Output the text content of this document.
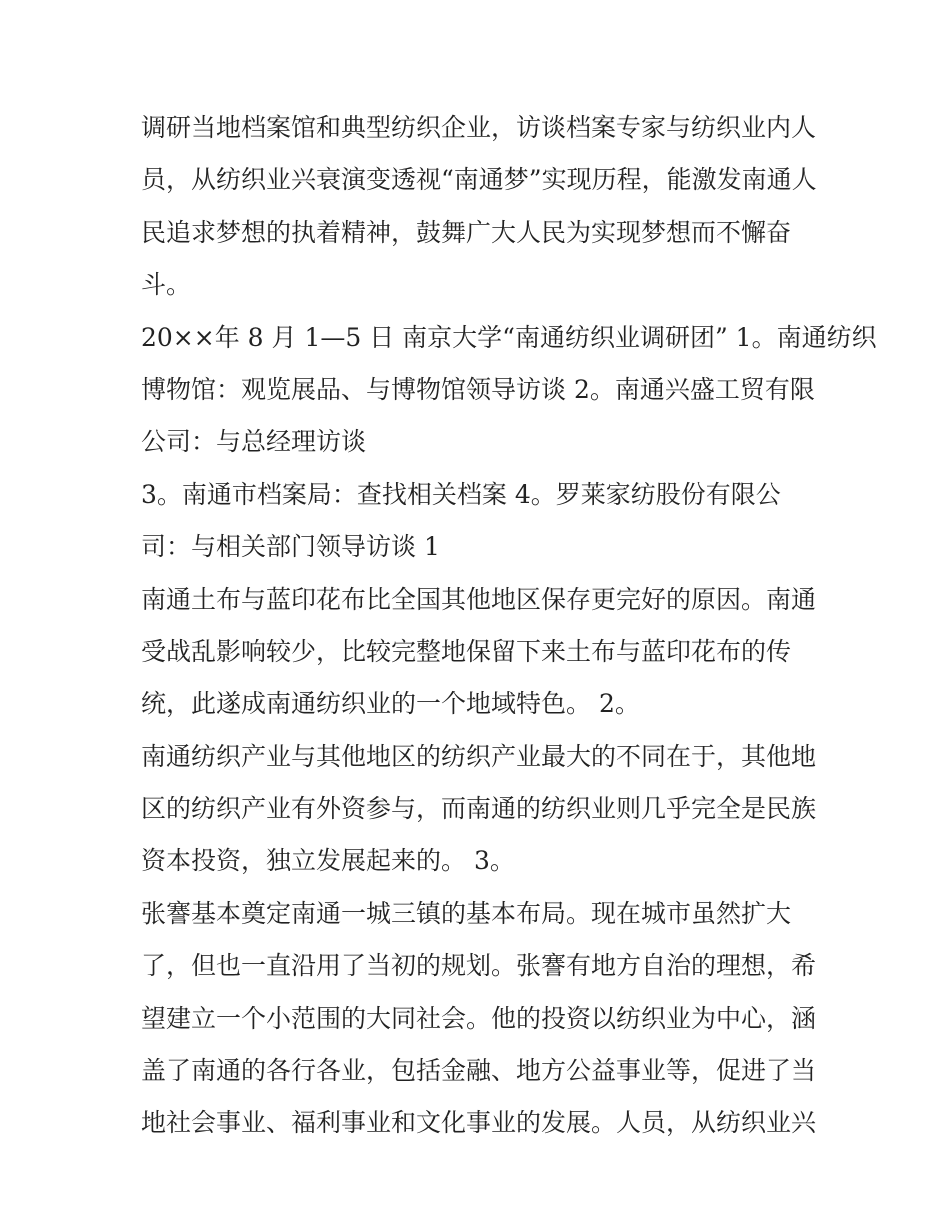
调研当地档案馆和典型纺织企业，访谈档案专家与纺织业内人
员，从纺织业兴衰演变透视“南通梦”实现历程，能激发南通人
民追求梦想的执着精神，鼓舞广大人民为实现梦想而不懈奋
斗。
20××年 8 月 1—5 日 南京大学“南通纺织业调研团” 1。南通纺织
博物馆：观览展品、与博物馆领导访谈 2。南通兴盛工贸有限
公司：与总经理访谈
3。南通市档案局：查找相关档案 4。罗莱家纺股份有限公
司：与相关部门领导访谈 1
南通土布与蓝印花布比全国其他地区保存更完好的原因。南通
受战乱影响较少，比较完整地保留下来土布与蓝印花布的传
统，此遂成南通纺织业的一个地域特色。 2。
南通纺织产业与其他地区的纺织产业最大的不同在于，其他地
区的纺织产业有外资参与，而南通的纺织业则几乎完全是民族
资本投资，独立发展起来的。 3。
张謇基本奠定南通一城三镇的基本布局。现在城市虽然扩大
了，但也一直沿用了当初的规划。张謇有地方自治的理想，希
望建立一个小范围的大同社会。他的投资以纺织业为中心，涵
盖了南通的各行各业，包括金融、地方公益事业等，促进了当
地社会事业、福利事业和文化事业的发展。人员，从纺织业兴
